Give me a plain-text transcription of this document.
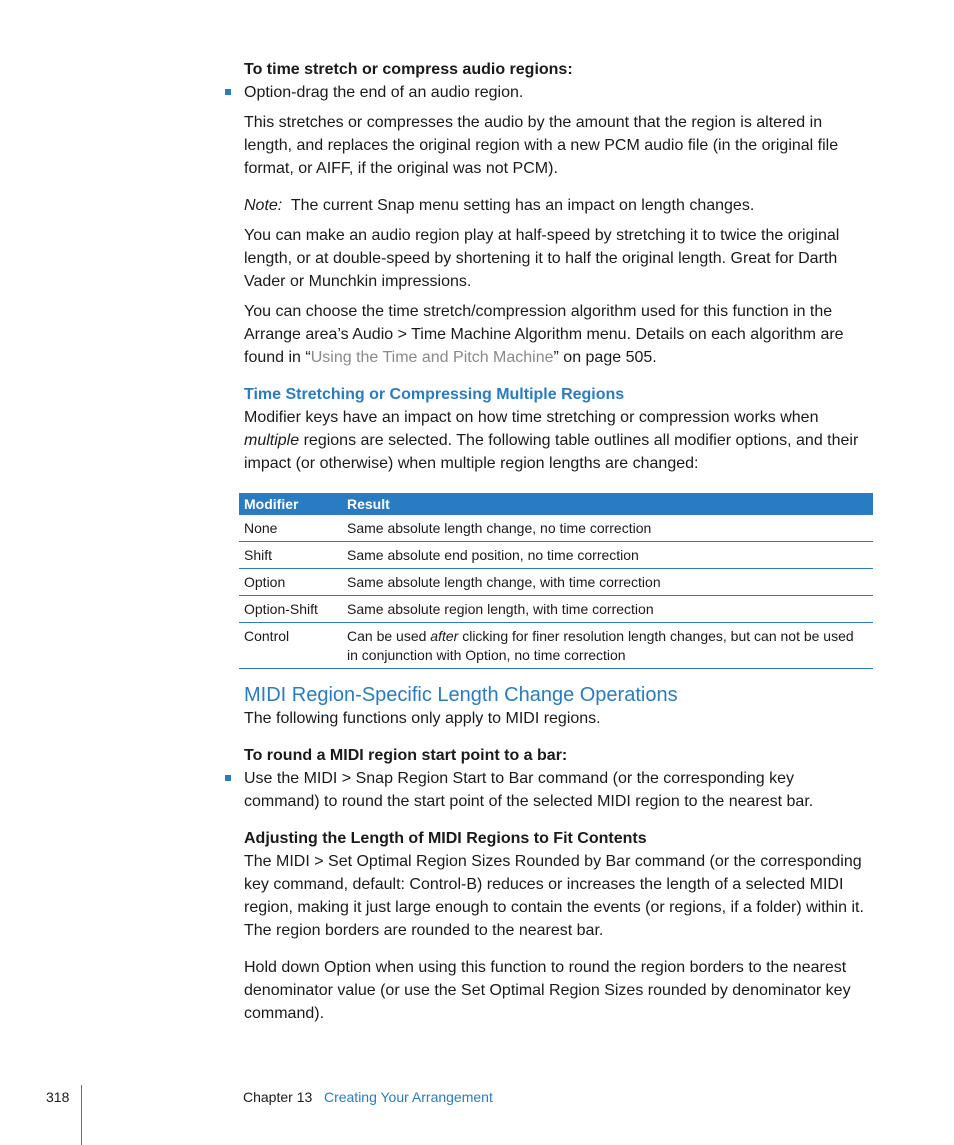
To time stretch or compress audio regions:
Option-drag the end of an audio region.

This stretches or compresses the audio by the amount that the region is altered in length, and replaces the original region with a new PCM audio file (in the original file format, or AIFF, if the original was not PCM).

Note: The current Snap menu setting has an impact on length changes.

You can make an audio region play at half-speed by stretching it to twice the original length, or at double-speed by shortening it to half the original length. Great for Darth Vader or Munchkin impressions.

You can choose the time stretch/compression algorithm used for this function in the Arrange area’s Audio > Time Machine Algorithm menu. Details on each algorithm are found in “Using the Time and Pitch Machine” on page 505.

Time Stretching or Compressing Multiple Regions

Modifier keys have an impact on how time stretching or compression works when multiple regions are selected. The following table outlines all modifier options, and their impact (or otherwise) when multiple region lengths are changed:

Modifier	Result
None	Same absolute length change, no time correction
Shift	Same absolute end position, no time correction
Option	Same absolute length change, with time correction
Option-Shift	Same absolute region length, with time correction
Control	Can be used after clicking for finer resolution length changes, but can not be used in conjunction with Option, no time correction
MIDI Region-Specific Length Change Operations

The following functions only apply to MIDI regions.

To round a MIDI region start point to a bar:

Use the MIDI > Snap Region Start to Bar command (or the corresponding key command) to round the start point of the selected MIDI region to the nearest bar.

Adjusting the Length of MIDI Regions to Fit Contents

The MIDI > Set Optimal Region Sizes Rounded by Bar command (or the corresponding key command, default: Control-B) reduces or increases the length of a selected MIDI region, making it just large enough to contain the events (or regions, if a folder) within it. The region borders are rounded to the nearest bar.

Hold down Option when using this function to round the region borders to the nearest denominator value (or use the Set Optimal Region Sizes rounded by denominator key command).

318	Chapter 13 Creating Your Arrangement
